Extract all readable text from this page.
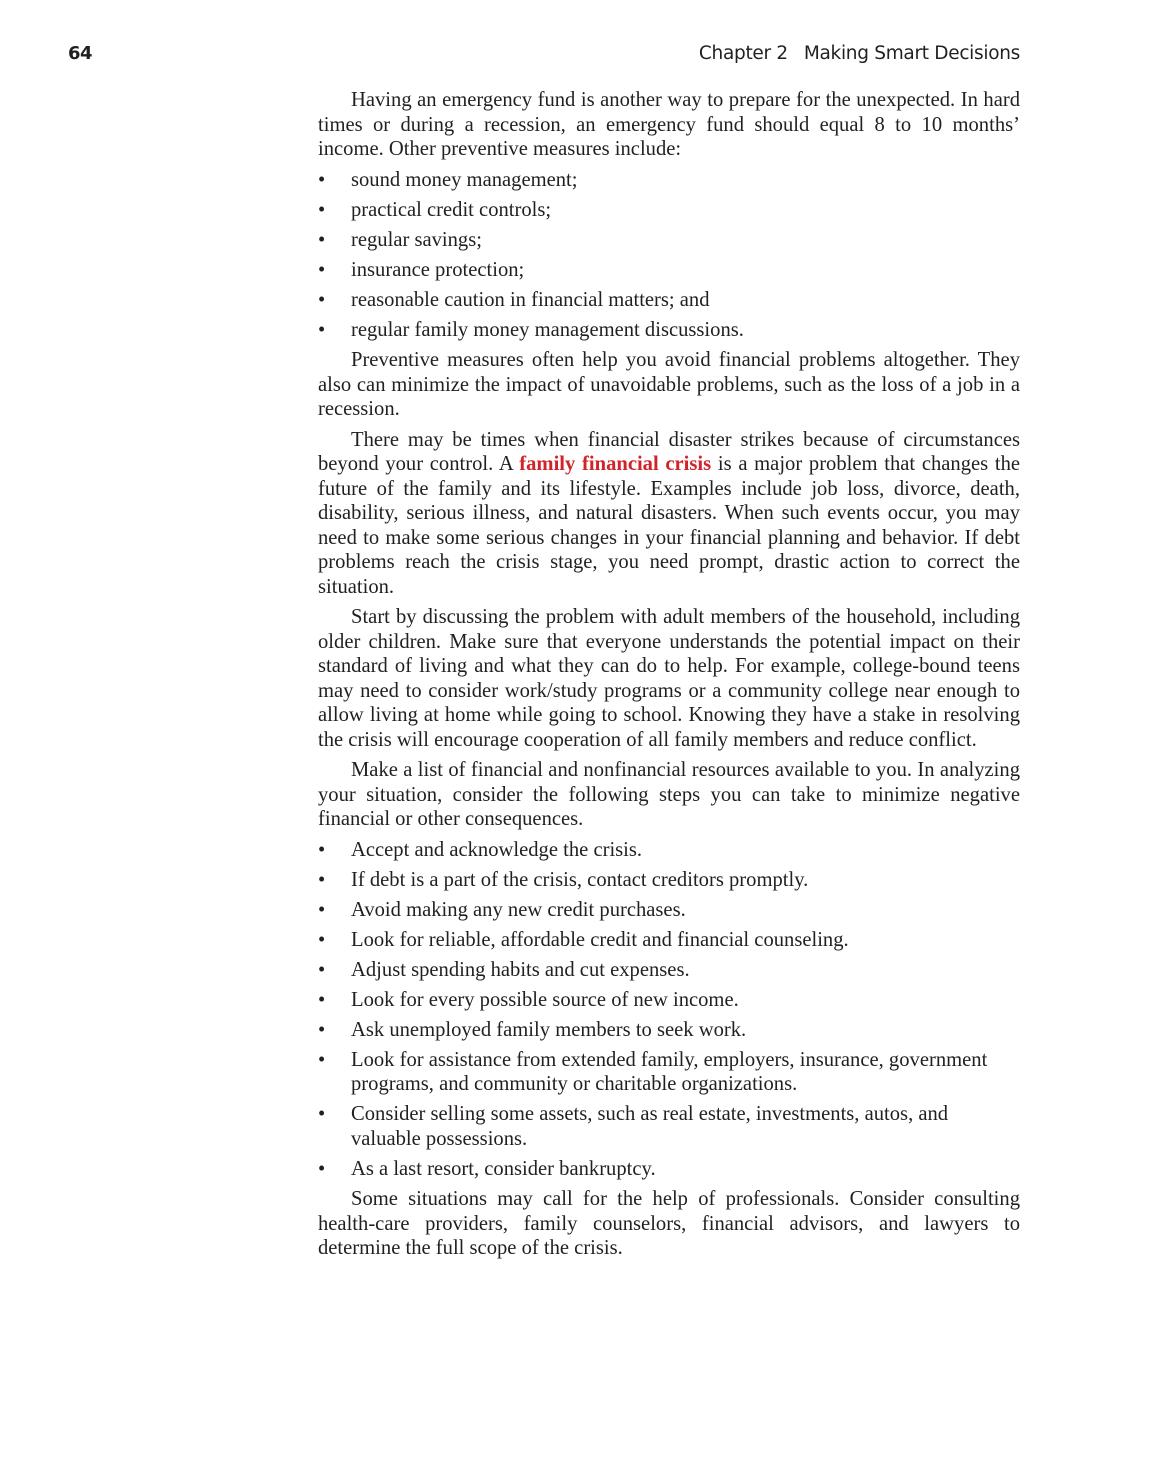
64	Chapter 2 Making Smart Decisions

Having an emergency fund is another way to prepare for the unexpected. In hard times or during a recession, an emergency fund should equal 8 to 10 months’ income. Other preventive measures include:

• sound money management;
• practical credit controls;
• regular savings;
• insurance protection;
• reasonable caution in financial matters; and
• regular family money management discussions.

Preventive measures often help you avoid financial problems altogether. They also can minimize the impact of unavoidable problems, such as the loss of a job in a recession.

There may be times when financial disaster strikes because of circumstances beyond your control. A family financial crisis is a major problem that changes the future of the family and its lifestyle. Examples include job loss, divorce, death, disability, serious illness, and natural disasters. When such events occur, you may need to make some serious changes in your financial planning and behavior. If debt problems reach the crisis stage, you need prompt, drastic action to correct the situation.

Start by discussing the problem with adult members of the household, including older children. Make sure that everyone understands the potential impact on their standard of living and what they can do to help. For example, college-bound teens may need to consider work/study programs or a community college near enough to allow living at home while going to school. Knowing they have a stake in resolving the crisis will encourage cooperation of all family members and reduce conflict.

Make a list of financial and nonfinancial resources available to you. In analyzing your situation, consider the following steps you can take to minimize negative financial or other consequences.

• Accept and acknowledge the crisis.
• If debt is a part of the crisis, contact creditors promptly.
• Avoid making any new credit purchases.
• Look for reliable, affordable credit and financial counseling.
• Adjust spending habits and cut expenses.
• Look for every possible source of new income.
• Ask unemployed family members to seek work.
• Look for assistance from extended family, employers, insurance, government programs, and community or charitable organizations.
• Consider selling some assets, such as real estate, investments, autos, and valuable possessions.
• As a last resort, consider bankruptcy.

Some situations may call for the help of professionals. Consider consulting health-care providers, family counselors, financial advisors, and lawyers to determine the full scope of the crisis.
